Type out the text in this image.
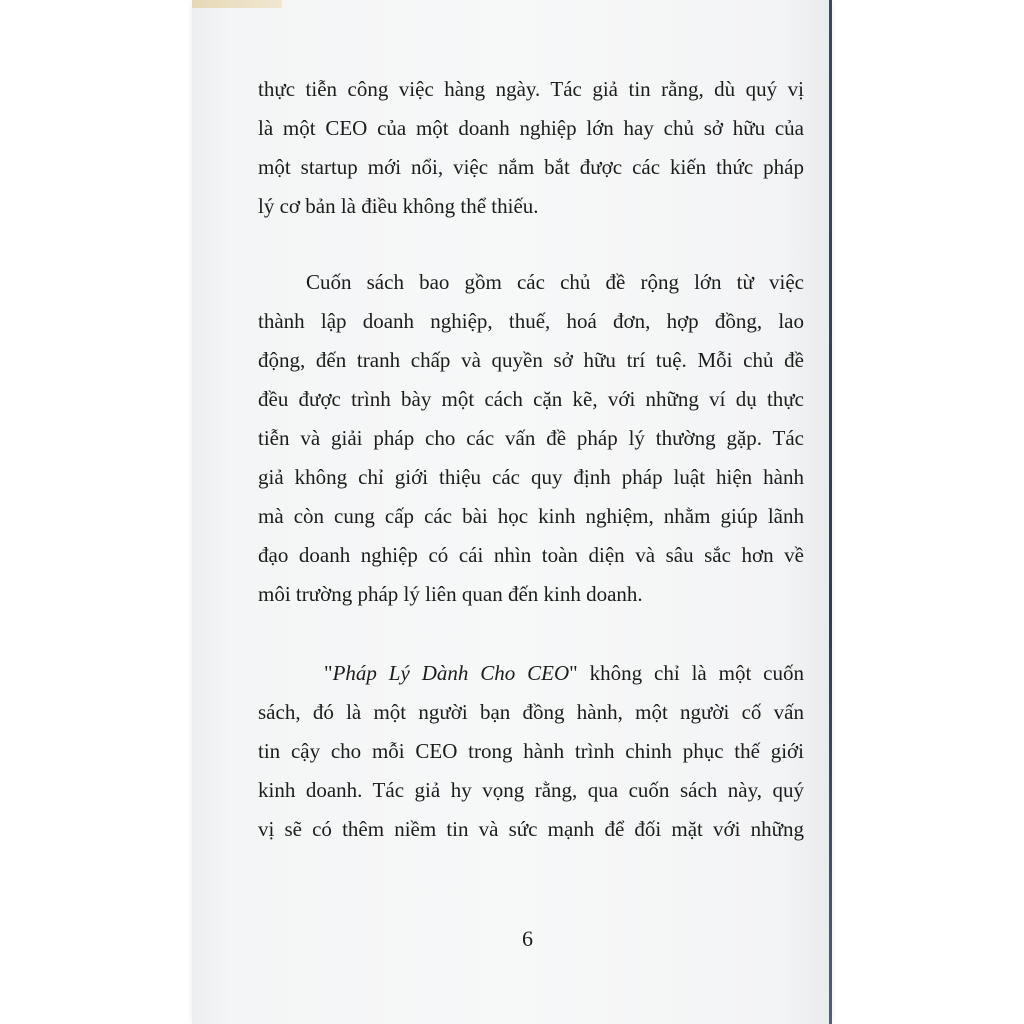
thực tiễn công việc hàng ngày. Tác giả tin rằng, dù quý vị
là một CEO của một doanh nghiệp lớn hay chủ sở hữu của
một startup mới nổi, việc nắm bắt được các kiến thức pháp
lý cơ bản là điều không thể thiếu.
Cuốn sách bao gồm các chủ đề rộng lớn từ việc
thành lập doanh nghiệp, thuế, hoá đơn, hợp đồng, lao
động, đến tranh chấp và quyền sở hữu trí tuệ. Mỗi chủ đề
đều được trình bày một cách cặn kẽ, với những ví dụ thực
tiễn và giải pháp cho các vấn đề pháp lý thường gặp. Tác
giả không chỉ giới thiệu các quy định pháp luật hiện hành
mà còn cung cấp các bài học kinh nghiệm, nhằm giúp lãnh
đạo doanh nghiệp có cái nhìn toàn diện và sâu sắc hơn về
môi trường pháp lý liên quan đến kinh doanh.
"Pháp Lý Dành Cho CEO" không chỉ là một cuốn
sách, đó là một người bạn đồng hành, một người cố vấn
tin cậy cho mỗi CEO trong hành trình chinh phục thế giới
kinh doanh. Tác giả hy vọng rằng, qua cuốn sách này, quý
vị sẽ có thêm niềm tin và sức mạnh để đối mặt với những
6
